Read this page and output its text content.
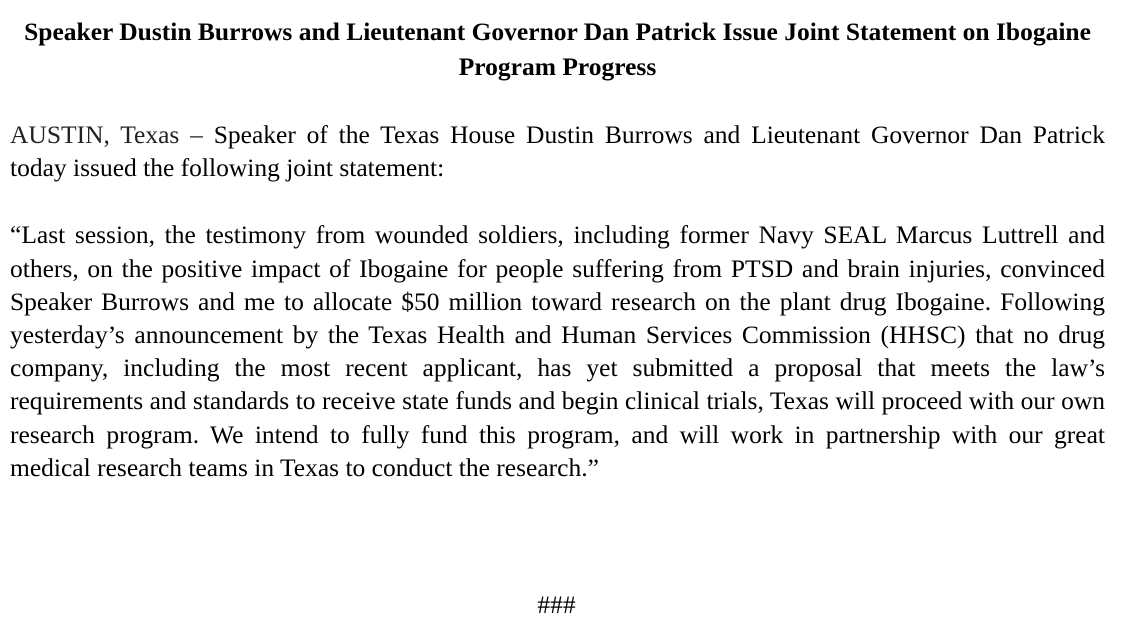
Speaker Dustin Burrows and Lieutenant Governor Dan Patrick Issue Joint Statement on Ibogaine Program Progress

AUSTIN, Texas – Speaker of the Texas House Dustin Burrows and Lieutenant Governor Dan Patrick today issued the following joint statement:

“Last session, the testimony from wounded soldiers, including former Navy SEAL Marcus Luttrell and others, on the positive impact of Ibogaine for people suffering from PTSD and brain injuries, convinced Speaker Burrows and me to allocate $50 million toward research on the plant drug Ibogaine. Following yesterday’s announcement by the Texas Health and Human Services Commission (HHSC) that no drug company, including the most recent applicant, has yet submitted a proposal that meets the law’s requirements and standards to receive state funds and begin clinical trials, Texas will proceed with our own research program. We intend to fully fund this program, and will work in partnership with our great medical research teams in Texas to conduct the research.”

###
